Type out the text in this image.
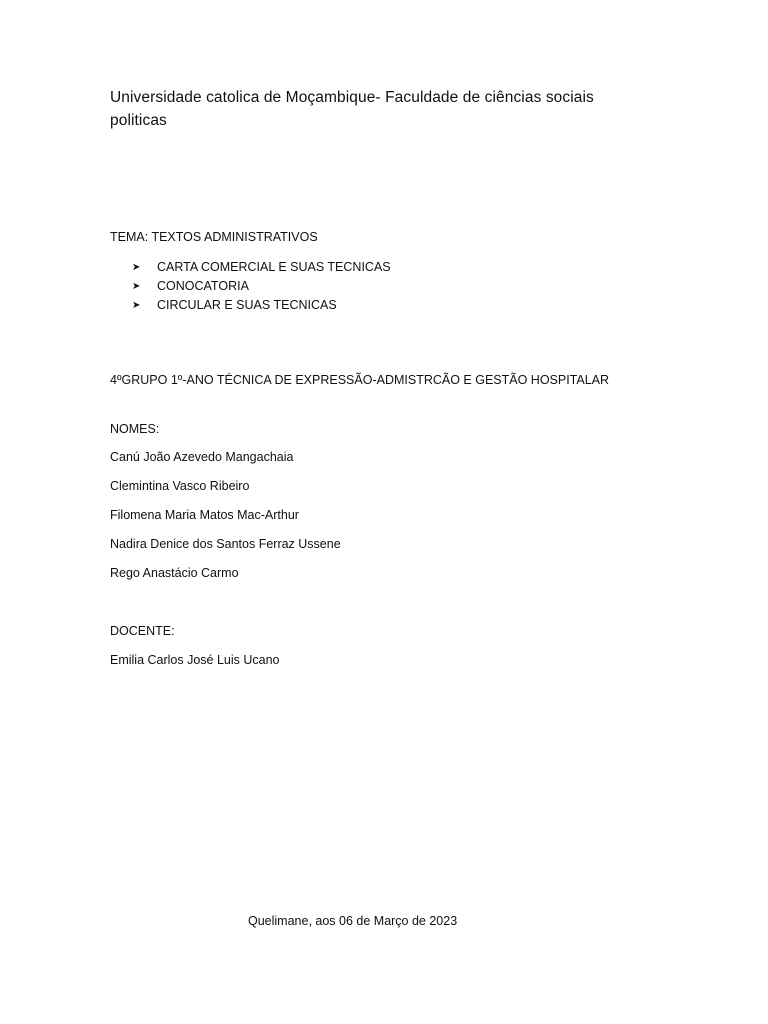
Universidade catolica de Moçambique- Faculdade de ciências sociais politicas
TEMA: TEXTOS ADMINISTRATIVOS
➤	CARTA COMERCIAL E SUAS TECNICAS
➤	CONOCATORIA
➤	CIRCULAR E SUAS TECNICAS
4ºGRUPO 1º-ANO TÉCNICA DE EXPRESSÃO-ADMISTRCÃO E GESTÃO HOSPITALAR
NOMES:
Canú João Azevedo Mangachaia
Clemintina Vasco Ribeiro
Filomena Maria Matos Mac-Arthur
Nadira Denice dos Santos Ferraz Ussene
Rego Anastácio Carmo
DOCENTE:
Emilia Carlos José Luis Ucano
Quelimane, aos 06 de Março de 2023
